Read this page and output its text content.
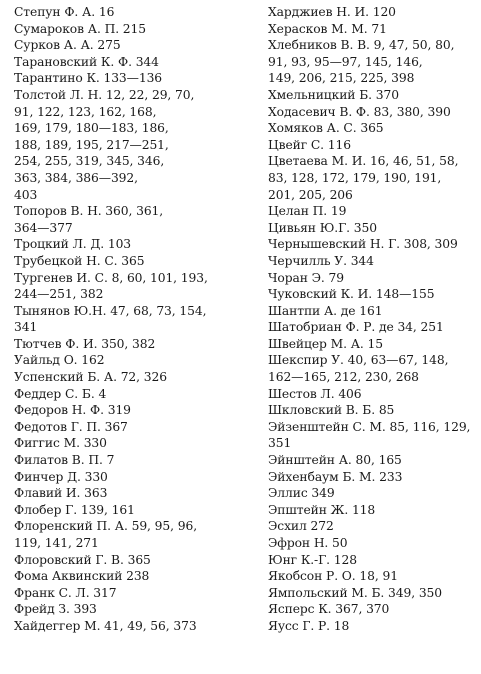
Степун Ф. А. 16

Сумароков А. П. 215

Сурков А. А. 275

Тарановский К. Ф. 344

Тарантино К. 133—136

Толстой Л. Н. 12, 22, 29, 70,
91, 122, 123, 162, 168,
169, 179, 180—183, 186,
188, 189, 195, 217—251,
254, 255, 319, 345, 346,
363, 384, 386—392,
403

Топоров В. Н. 360, 361,
364—377

Троцкий Л. Д. 103

Трубецкой Н. С. 365

Тургенев И. С. 8, 60, 101, 193,
244—251, 382

Тынянов Ю.Н. 47, 68, 73, 154,
341

Тютчев Ф. И. 350, 382

Уайльд О. 162

Успенский Б. А. 72, 326

Феддер С. Б. 4

Федоров Н. Ф. 319

Федотов Г. П. 367

Фиггис М. 330

Филатов В. П. 7

Финчер Д. 330

Флавий И. 363

Флобер Г. 139, 161

Флоренский П. А. 59, 95, 96,
119, 141, 271

Флоровский Г. В. 365

Фома Аквинский 238

Франк С. Л. 317

Фрейд З. 393

Хайдеггер М. 41, 49, 56, 373

Харджиев Н. И. 120

Херасков М. М. 71

Хлебников В. В. 9, 47, 50, 80,
91, 93, 95—97, 145, 146,
149, 206, 215, 225, 398

Хмельницкий Б. 370

Ходасевич В. Ф. 83, 380, 390

Хомяков А. С. 365

Цвейг С. 116

Цветаева М. И. 16, 46, 51, 58,
83, 128, 172, 179, 190, 191,
201, 205, 206

Целан П. 19

Цивьян Ю.Г. 350

Чернышевский Н. Г. 308, 309

Черчилль У. 344

Чоран Э. 79

Чуковский К. И. 148—155

Шантпи А. де 161

Шатобриан Ф. Р. де 34, 251

Швейцер М. А. 15

Шекспир У. 40, 63—67, 148,
162—165, 212, 230, 268

Шестов Л. 406

Шкловский В. Б. 85

Эйзенштейн С. М. 85, 116, 129,
351

Эйнштейн А. 80, 165

Эйхенбаум Б. М. 233

Эллис 349

Эпштейн Ж. 118

Эсхил 272

Эфрон Н. 50

Юнг К.-Г. 128

Якобсон Р. О. 18, 91

Ямпольский М. Б. 349, 350

Ясперс К. 367, 370

Яусс Г. Р. 18
